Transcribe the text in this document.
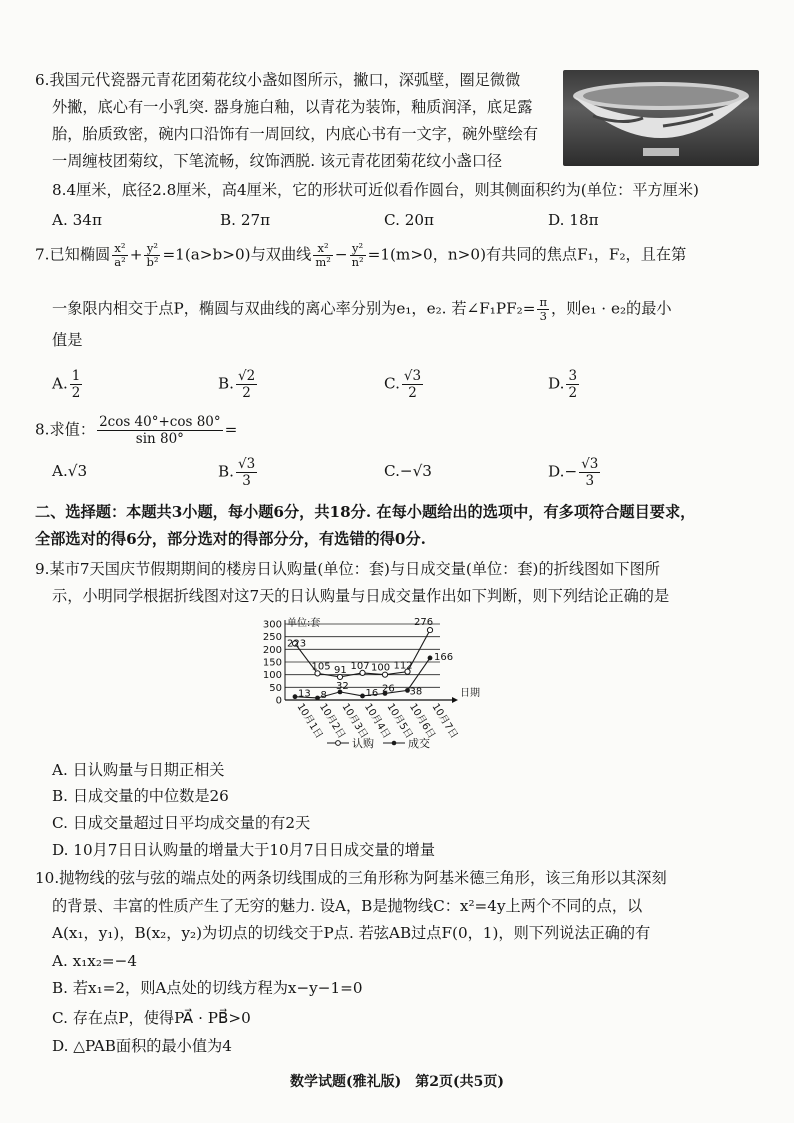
6.我国元代瓷器元青花团菊花纹小盏如图所示，撇口，深弧壁，圈足微微
外撇，底心有一小乳突. 器身施白釉，以青花为装饰，釉质润泽，底足露
胎，胎质致密，碗内口沿饰有一周回纹，内底心书有一文字，碗外壁绘有
一周缠枝团菊纹，下笔流畅，纹饰洒脱. 该元青花团菊花纹小盏口径
8.4厘米，底径2.8厘米，高4厘米，它的形状可近似看作圆台，则其侧面积约为(单位：平方厘米)
A. 34π	B. 27π	C. 20π	D. 18π
7.已知椭圆 $\frac{\text{x²}}{\text{a²}} + \frac{\text{y²}}{\text{b²}} =1(a>b>0)$与双曲线 $\frac{\text{x²}}{\text{m²}} - \frac{\text{y²}}{\text{n²}} =1(m>0$，n>0)有共同的焦点F₁，F₂，且在第
一象限内相交于点P，椭圆与双曲线的离心率分别为e₁，e₂. 若∠F₁PF₂= $\frac{\pi}{3}$ ，则e₁ · e₂的最小
值是
A. $\frac{1}{2}$	B. $\frac{√2}{2}$	C. $\frac{√3}{2}$	D. $\frac{3}{2}$
8.求值： $\frac{2\cos 40^\circ+\cos 80^\circ}{\sin 80^\circ}$ =
A.√3	B. $\frac{√3}{3}$	C.−√3	$D.- \frac{√3}{3}$
二、选择题：本题共3小题，每小题6分，共18分. 在每小题给出的选项中，有多项符合题目要求，
全部选对的得6分，部分选对的得部分分，有选错的得0分.
9.某市7天国庆节假期期间的楼房日认购量(单位：套)与日成交量(单位：套)的折线图如下图所
示，小明同学根据折线图对这7天的日认购量与日成交量作出如下判断，则下列结论正确的是
0
50
100
150
200
250
300 单位:套
日期
10月1日
10月2日
10月3日
10月4日
10月5日
10月6日
10月7日
223
105 91 107 100 112
276
13 8
32
16 26 38
166
认购	成交
A. 日认购量与日期正相关
B. 日成交量的中位数是26
C. 日成交量超过日平均成交量的有2天
D. 10月7日日认购量的增量大于10月7日日成交量的增量
10.抛物线的弦与弦的端点处的两条切线围成的三角形称为阿基米德三角形，该三角形以其深刻
的背景、丰富的性质产生了无穷的魅力. 设A，B是抛物线C：x²=4y上两个不同的点，以
A(x₁，y₁)，B(x₂，y₂)为切点的切线交于P点. 若弦AB过点F(0，1)，则下列说法正确的有
A. x₁x₂=−4
B. 若x₁=2，则A点处的切线方程为x−y−1=0
C. 存在点P，使得PA⃗ · PB⃗>0
D. △PAB面积的最小值为4
数学试题(雅礼版)　第2页(共5页)
